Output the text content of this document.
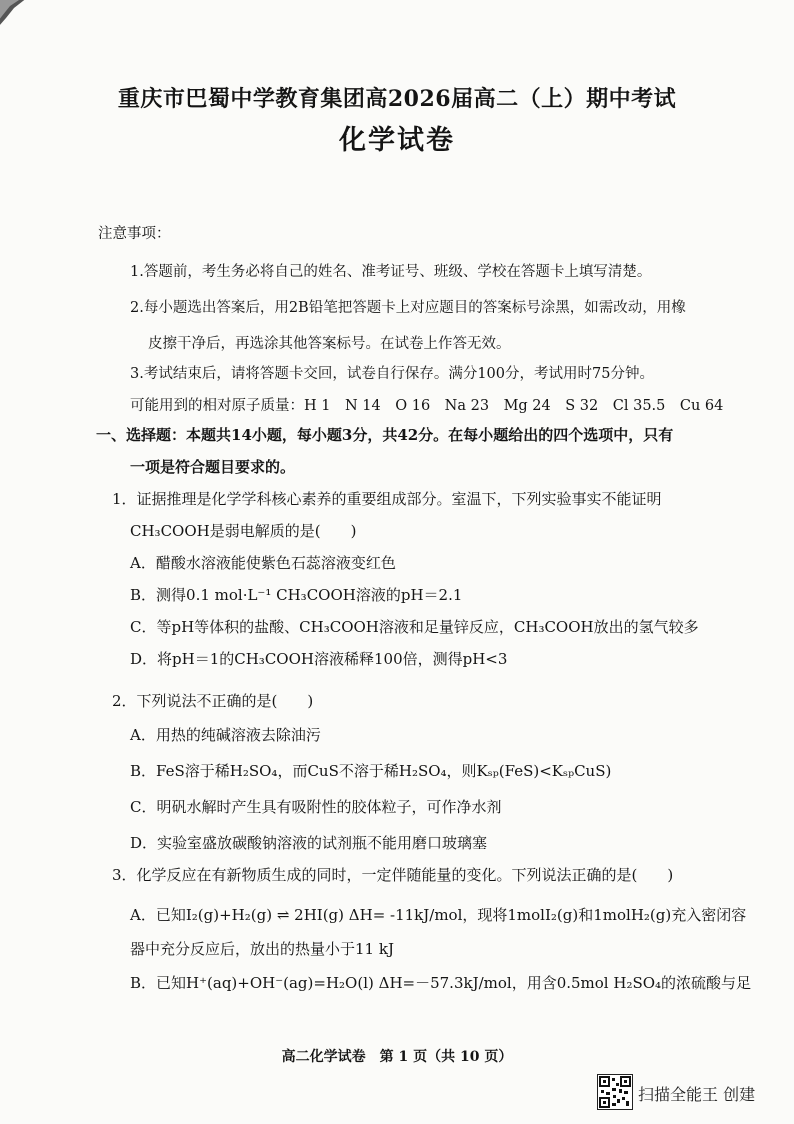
重庆市巴蜀中学教育集团高2026届高二（上）期中考试
化学试卷
注意事项：
1.答题前，考生务必将自己的姓名、准考证号、班级、学校在答题卡上填写清楚。
2.每小题选出答案后，用2B铅笔把答题卡上对应题目的答案标号涂黑，如需改动，用橡
皮擦干净后，再选涂其他答案标号。在试卷上作答无效。
3.考试结束后，请将答题卡交回，试卷自行保存。满分100分，考试用时75分钟。
可能用到的相对原子质量：H 1　N 14　O 16　Na 23　Mg 24　S 32　Cl 35.5　Cu 64
一、选择题：本题共14小题，每小题3分，共42分。在每小题给出的四个选项中，只有
一项是符合题目要求的。
1．证据推理是化学学科核心素养的重要组成部分。室温下，下列实验事实不能证明
CH₃COOH是弱电解质的是(　　)
A．醋酸水溶液能使紫色石蕊溶液变红色
B．测得0.1 mol·L⁻¹ CH₃COOH溶液的pH＝2.1
C．等pH等体积的盐酸、CH₃COOH溶液和足量锌反应，CH₃COOH放出的氢气较多
D．将pH＝1的CH₃COOH溶液稀释100倍，测得pH<3
2．下列说法不正确的是(　　)
A．用热的纯碱溶液去除油污
B．FeS溶于稀H₂SO₄，而CuS不溶于稀H₂SO₄，则Kₛₚ(FeS)<KₛₚCuS)
C．明矾水解时产生具有吸附性的胶体粒子，可作净水剂
D．实验室盛放碳酸钠溶液的试剂瓶不能用磨口玻璃塞
3．化学反应在有新物质生成的同时，一定伴随能量的变化。下列说法正确的是(　　)
A．已知I₂(g)+H₂(g) ⇌ 2HI(g) ΔH= -11kJ/mol，现将1molI₂(g)和1molH₂(g)充入密闭容
器中充分反应后，放出的热量小于11 kJ
B．已知H⁺(aq)+OH⁻(ag)=H₂O(l) ΔH=－57.3kJ/mol，用含0.5mol H₂SO₄的浓硫酸与足
高二化学试卷　第 1 页（共 10 页）
扫描全能王 创建
